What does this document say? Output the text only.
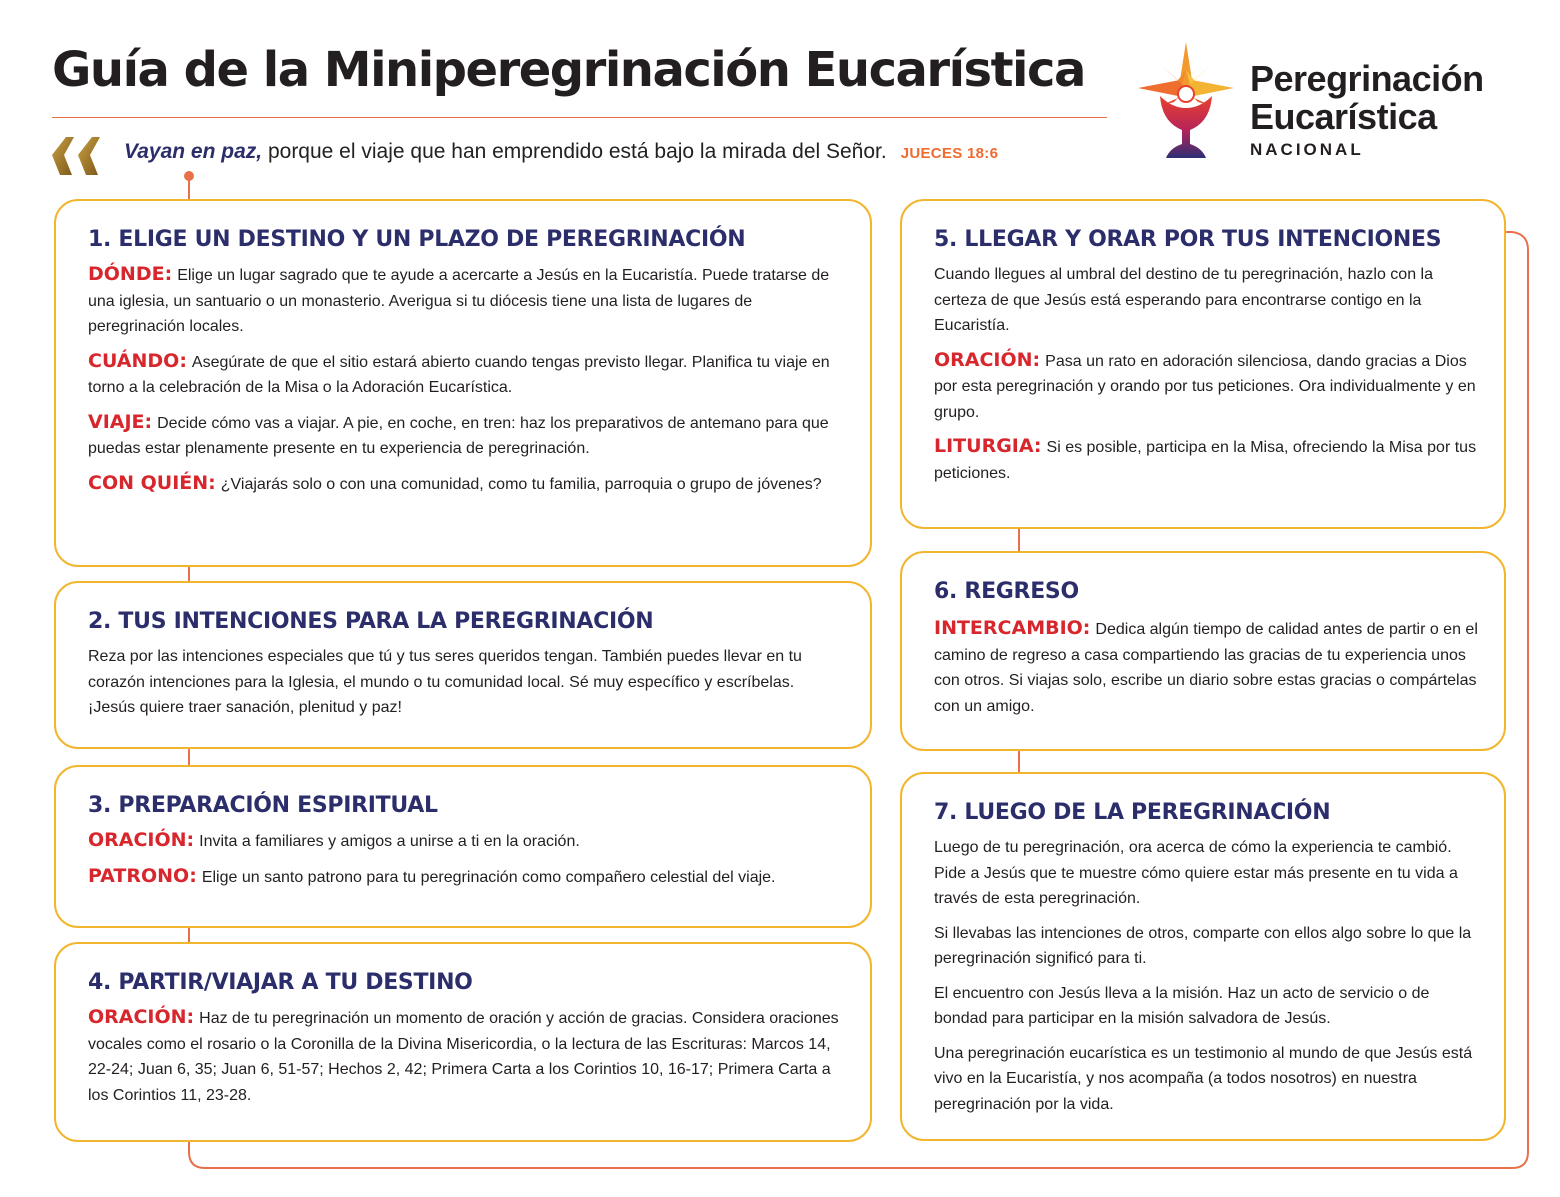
Guía de la Miniperegrinación Eucarística

Vayan en paz, porque el viaje que han emprendido está bajo la mirada del Señor. JUECES 18:6

Peregrinación
Eucarística
NACIONAL
1. ELIGE UN DESTINO Y UN PLAZO DE PEREGRINACIÓN

DÓNDE: Elige un lugar sagrado que te ayude a acercarte a Jesús en la Eucaristía. Puede tratarse de una iglesia, un santuario o un monasterio. Averigua si tu diócesis tiene una lista de lugares de peregrinación locales.

CUÁNDO: Asegúrate de que el sitio estará abierto cuando tengas previsto llegar. Planifica tu viaje en torno a la celebración de la Misa o la Adoración Eucarística.

VIAJE: Decide cómo vas a viajar. A pie, en coche, en tren: haz los preparativos de antemano para que puedas estar plenamente presente en tu experiencia de peregrinación.

CON QUIÉN: ¿Viajarás solo o con una comunidad, como tu familia, parroquia o grupo de jóvenes?

2. TUS INTENCIONES PARA LA PEREGRINACIÓN

Reza por las intenciones especiales que tú y tus seres queridos tengan. También puedes llevar en tu corazón intenciones para la Iglesia, el mundo o tu comunidad local. Sé muy específico y escríbelas. ¡Jesús quiere traer sanación, plenitud y paz!

3. PREPARACIÓN ESPIRITUAL

ORACIÓN: Invita a familiares y amigos a unirse a ti en la oración.

PATRONO: Elige un santo patrono para tu peregrinación como compañero celestial del viaje.

4. PARTIR/VIAJAR A TU DESTINO

ORACIÓN: Haz de tu peregrinación un momento de oración y acción de gracias. Considera oraciones vocales como el rosario o la Coronilla de la Divina Misericordia, o la lectura de las Escrituras: Marcos 14, 22-24; Juan 6, 35; Juan 6, 51-57; Hechos 2, 42; Primera Carta a los Corintios 10, 16-17; Primera Carta a los Corintios 11, 23-28.

5. LLEGAR Y ORAR POR TUS INTENCIONES

Cuando llegues al umbral del destino de tu peregrinación, hazlo con la certeza de que Jesús está esperando para encontrarse contigo en la Eucaristía.

ORACIÓN: Pasa un rato en adoración silenciosa, dando gracias a Dios por esta peregrinación y orando por tus peticiones. Ora individualmente y en grupo.

LITURGIA: Si es posible, participa en la Misa, ofreciendo la Misa por tus peticiones.

6. REGRESO

INTERCAMBIO: Dedica algún tiempo de calidad antes de partir o en el camino de regreso a casa compartiendo las gracias de tu experiencia unos con otros. Si viajas solo, escribe un diario sobre estas gracias o compártelas con un amigo.

7. LUEGO DE LA PEREGRINACIÓN

Luego de tu peregrinación, ora acerca de cómo la experiencia te cambió. Pide a Jesús que te muestre cómo quiere estar más presente en tu vida a través de esta peregrinación.

Si llevabas las intenciones de otros, comparte con ellos algo sobre lo que la peregrinación significó para ti.

El encuentro con Jesús lleva a la misión. Haz un acto de servicio o de bondad para participar en la misión salvadora de Jesús.

Una peregrinación eucarística es un testimonio al mundo de que Jesús está vivo en la Eucaristía, y nos acompaña (a todos nosotros) en nuestra peregrinación por la vida.
